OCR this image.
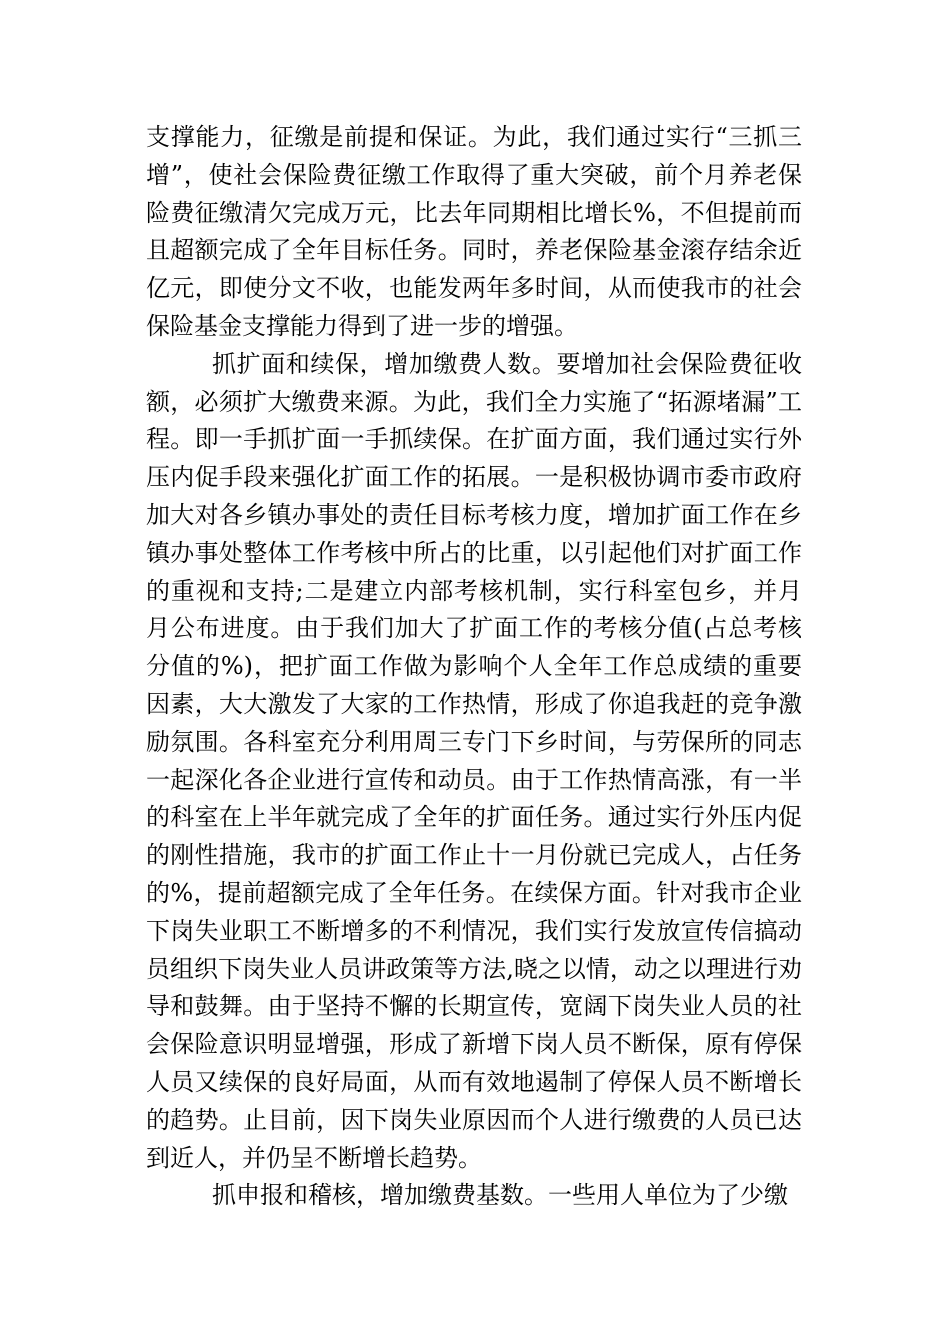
支撑能力，征缴是前提和保证。为此，我们通过实行“三抓三增”，使社会保险费征缴工作取得了重大突破，前个月养老保险费征缴清欠完成万元，比去年同期相比增长%，不但提前而且超额完成了全年目标任务。同时，养老保险基金滚存结余近亿元，即使分文不收，也能发两年多时间，从而使我市的社会保险基金支撑能力得到了进一步的增强。

抓扩面和续保，增加缴费人数。要增加社会保险费征收额，必须扩大缴费来源。为此，我们全力实施了“拓源堵漏”工程。即一手抓扩面一手抓续保。在扩面方面，我们通过实行外压内促手段来强化扩面工作的拓展。一是积极协调市委市政府加大对各乡镇办事处的责任目标考核力度，增加扩面工作在乡镇办事处整体工作考核中所占的比重，以引起他们对扩面工作的重视和支持;二是建立内部考核机制，实行科室包乡，并月月公布进度。由于我们加大了扩面工作的考核分值(占总考核分值的%)，把扩面工作做为影响个人全年工作总成绩的重要因素，大大激发了大家的工作热情，形成了你追我赶的竞争激励氛围。各科室充分利用周三专门下乡时间，与劳保所的同志一起深化各企业进行宣传和动员。由于工作热情高涨，有一半的科室在上半年就完成了全年的扩面任务。通过实行外压内促的刚性措施，我市的扩面工作止十一月份就已完成人，占任务的%，提前超额完成了全年任务。在续保方面。针对我市企业下岗失业职工不断增多的不利情况，我们实行发放宣传信搞动员组织下岗失业人员讲政策等方法,晓之以情，动之以理进行劝导和鼓舞。由于坚持不懈的长期宣传，宽阔下岗失业人员的社会保险意识明显增强，形成了新增下岗人员不断保，原有停保人员又续保的良好局面，从而有效地遏制了停保人员不断增长的趋势。止目前，因下岗失业原因而个人进行缴费的人员已达到近人，并仍呈不断增长趋势。

抓申报和稽核，增加缴费基数。一些用人单位为了少缴
